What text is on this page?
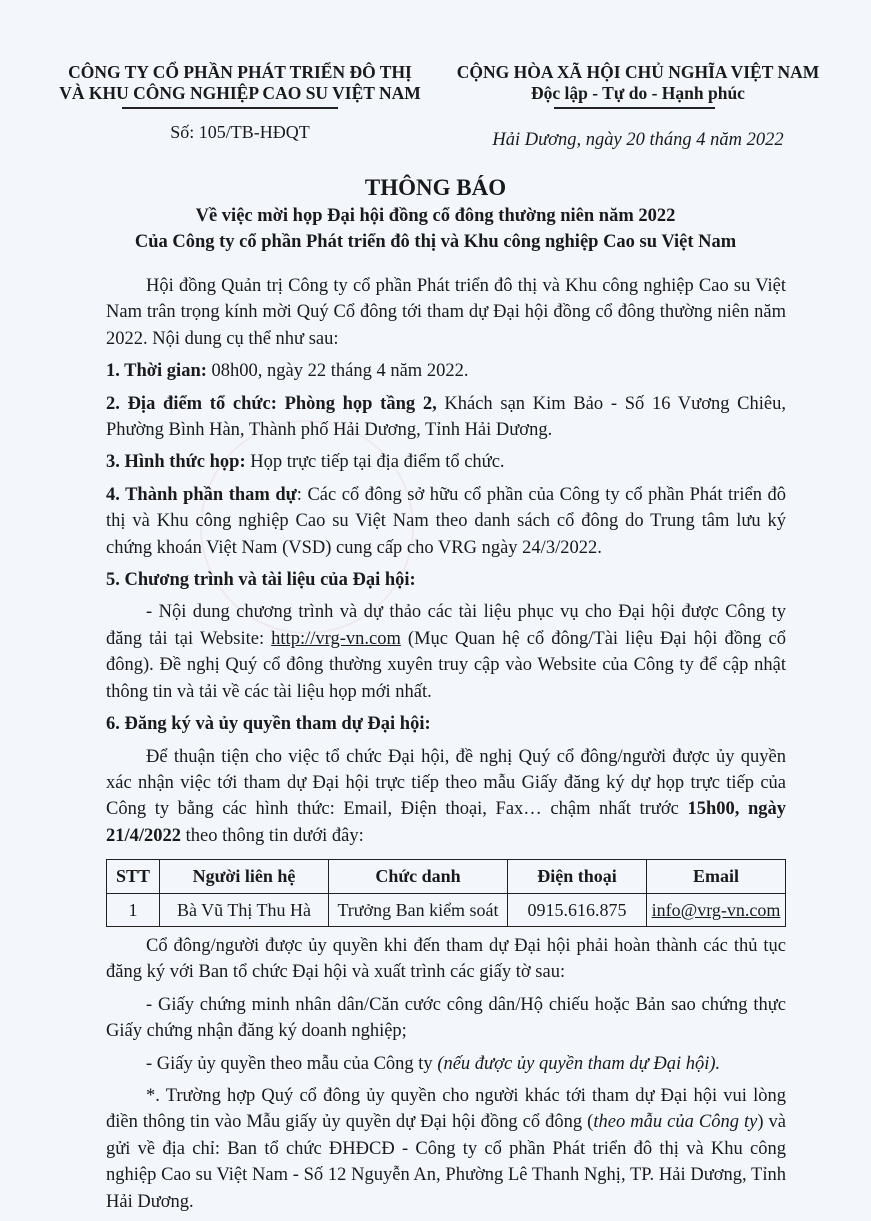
CÔNG TY CỔ PHẦN PHÁT TRIỂN ĐÔ THỊ
VÀ KHU CÔNG NGHIỆP CAO SU VIỆT NAM
CỘNG HÒA XÃ HỘI CHỦ NGHĨA VIỆT NAM
Độc lập - Tự do - Hạnh phúc
Số: 105/TB-HĐQT	Hải Dương, ngày 20 tháng 4 năm 2022
THÔNG BÁO
Về việc mời họp Đại hội đồng cổ đông thường niên năm 2022
Của Công ty cổ phần Phát triển đô thị và Khu công nghiệp Cao su Việt Nam

Hội đồng Quản trị Công ty cổ phần Phát triển đô thị và Khu công nghiệp Cao su Việt Nam trân trọng kính mời Quý Cổ đông tới tham dự Đại hội đồng cổ đông thường niên năm 2022. Nội dung cụ thể như sau:

1. Thời gian: 08h00, ngày 22 tháng 4 năm 2022.

2. Địa điểm tổ chức: Phòng họp tầng 2, Khách sạn Kim Bảo - Số 16 Vương Chiêu, Phường Bình Hàn, Thành phố Hải Dương, Tỉnh Hải Dương.

3. Hình thức họp: Họp trực tiếp tại địa điểm tổ chức.

4. Thành phần tham dự: Các cổ đông sở hữu cổ phần của Công ty cổ phần Phát triển đô thị và Khu công nghiệp Cao su Việt Nam theo danh sách cổ đông do Trung tâm lưu ký chứng khoán Việt Nam (VSD) cung cấp cho VRG ngày 24/3/2022.

5. Chương trình và tài liệu của Đại hội:

- Nội dung chương trình và dự thảo các tài liệu phục vụ cho Đại hội được Công ty đăng tải tại Website: http://vrg-vn.com (Mục Quan hệ cổ đông/Tài liệu Đại hội đồng cổ đông). Đề nghị Quý cổ đông thường xuyên truy cập vào Website của Công ty để cập nhật thông tin và tải về các tài liệu họp mới nhất.

6. Đăng ký và ủy quyền tham dự Đại hội:

Để thuận tiện cho việc tổ chức Đại hội, đề nghị Quý cổ đông/người được ủy quyền xác nhận việc tới tham dự Đại hội trực tiếp theo mẫu Giấy đăng ký dự họp trực tiếp của Công ty bằng các hình thức: Email, Điện thoại, Fax… chậm nhất trước 15h00, ngày 21/4/2022 theo thông tin dưới đây:

STT	Người liên hệ	Chức danh	Điện thoại	Email
1	Bà Vũ Thị Thu Hà	Trưởng Ban kiểm soát	0915.616.875	info@vrg-vn.com

Cổ đông/người được ủy quyền khi đến tham dự Đại hội phải hoàn thành các thủ tục đăng ký với Ban tổ chức Đại hội và xuất trình các giấy tờ sau:

- Giấy chứng minh nhân dân/Căn cước công dân/Hộ chiếu hoặc Bản sao chứng thực Giấy chứng nhận đăng ký doanh nghiệp;

- Giấy ủy quyền theo mẫu của Công ty (nếu được ủy quyền tham dự Đại hội).

*. Trường hợp Quý cổ đông ủy quyền cho người khác tới tham dự Đại hội vui lòng điền thông tin vào Mẫu giấy ủy quyền dự Đại hội đồng cổ đông (theo mẫu của Công ty) và gửi về địa chỉ: Ban tổ chức ĐHĐCĐ - Công ty cổ phần Phát triển đô thị và Khu công nghiệp Cao su Việt Nam - Số 12 Nguyễn An, Phường Lê Thanh Nghị, TP. Hải Dương, Tỉnh Hải Dương.
